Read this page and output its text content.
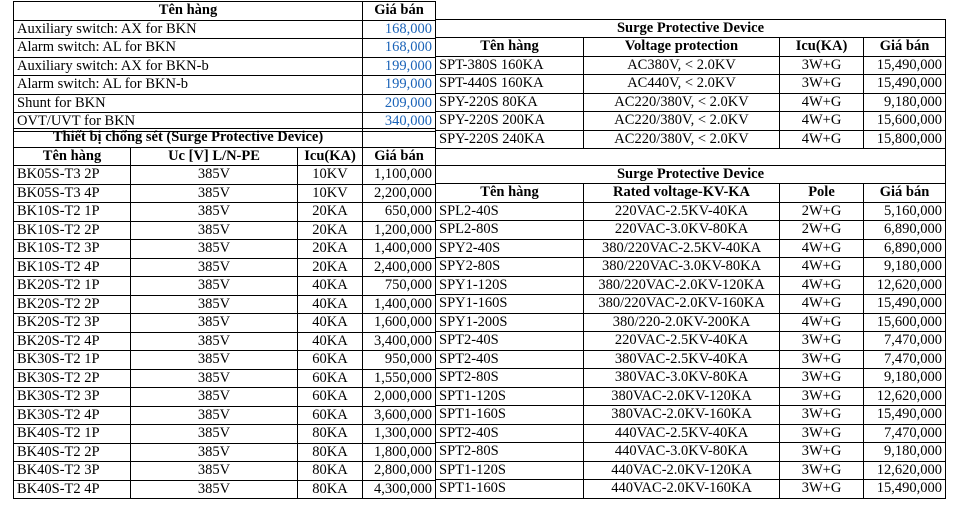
Tên hàng	Giá bán
Auxiliary switch: AX for BKN	168,000
Alarm switch: AL for BKN	168,000
Auxiliary switch: AX for BKN-b	199,000
Alarm switch: AL for BKN-b	199,000
Shunt for BKN	209,000
OVT/UVT for BKN	340,000
Thiết bị chống sét (Surge Protective Device)			
Tên hàng	Uc [V] L/N-PE	Icu(KA)	Giá bán
BK05S-T3 2P	385V	10KV	1,100,000
BK05S-T3 4P	385V	10KV	2,200,000
BK10S-T2 1P	385V	20KA	650,000
BK10S-T2 2P	385V	20KA	1,200,000
BK10S-T2 3P	385V	20KA	1,400,000
BK10S-T2 4P	385V	20KA	2,400,000
BK20S-T2 1P	385V	40KA	750,000
BK20S-T2 2P	385V	40KA	1,400,000
BK20S-T2 3P	385V	40KA	1,600,000
BK20S-T2 4P	385V	40KA	3,400,000
BK30S-T2 1P	385V	60KA	950,000
BK30S-T2 2P	385V	60KA	1,550,000
BK30S-T2 3P	385V	60KA	2,000,000
BK30S-T2 4P	385V	60KA	3,600,000
BK40S-T2 1P	385V	80KA	1,300,000
BK40S-T2 2P	385V	80KA	1,800,000
BK40S-T2 3P	385V	80KA	2,800,000
BK40S-T2 4P	385V	80KA	4,300,000

Surge Protective Device			
Tên hàng	Voltage protection	Icu(KA)	Giá bán
SPT-380S 160KA	AC380V, < 2.0KV	3W+G	15,490,000
SPT-440S 160KA	AC440V, < 2.0KV	3W+G	15,490,000
SPY-220S 80KA	AC220/380V, < 2.0KV	4W+G	9,180,000
SPY-220S 200KA	AC220/380V, < 2.0KV	4W+G	15,600,000
SPY-220S 240KA	AC220/380V, < 2.0KV	4W+G	15,800,000

Surge Protective Device			
Tên hàng	Rated voltage-KV-KA	Pole	Giá bán
SPL2-40S	220VAC-2.5KV-40KA	2W+G	5,160,000
SPL2-80S	220VAC-3.0KV-80KA	2W+G	6,890,000
SPY2-40S	380/220VAC-2.5KV-40KA	4W+G	6,890,000
SPY2-80S	380/220VAC-3.0KV-80KA	4W+G	9,180,000
SPY1-120S	380/220VAC-2.0KV-120KA	4W+G	12,620,000
SPY1-160S	380/220VAC-2.0KV-160KA	4W+G	15,490,000
SPY1-200S	380/220-2.0KV-200KA	4W+G	15,600,000
SPT2-40S	220VAC-2.5KV-40KA	3W+G	7,470,000
SPT2-40S	380VAC-2.5KV-40KA	3W+G	7,470,000
SPT2-80S	380VAC-3.0KV-80KA	3W+G	9,180,000
SPT1-120S	380VAC-2.0KV-120KA	3W+G	12,620,000
SPT1-160S	380VAC-2.0KV-160KA	3W+G	15,490,000
SPT2-40S	440VAC-2.5KV-40KA	3W+G	7,470,000
SPT2-80S	440VAC-3.0KV-80KA	3W+G	9,180,000
SPT1-120S	440VAC-2.0KV-120KA	3W+G	12,620,000
SPT1-160S	440VAC-2.0KV-160KA	3W+G	15,490,000
